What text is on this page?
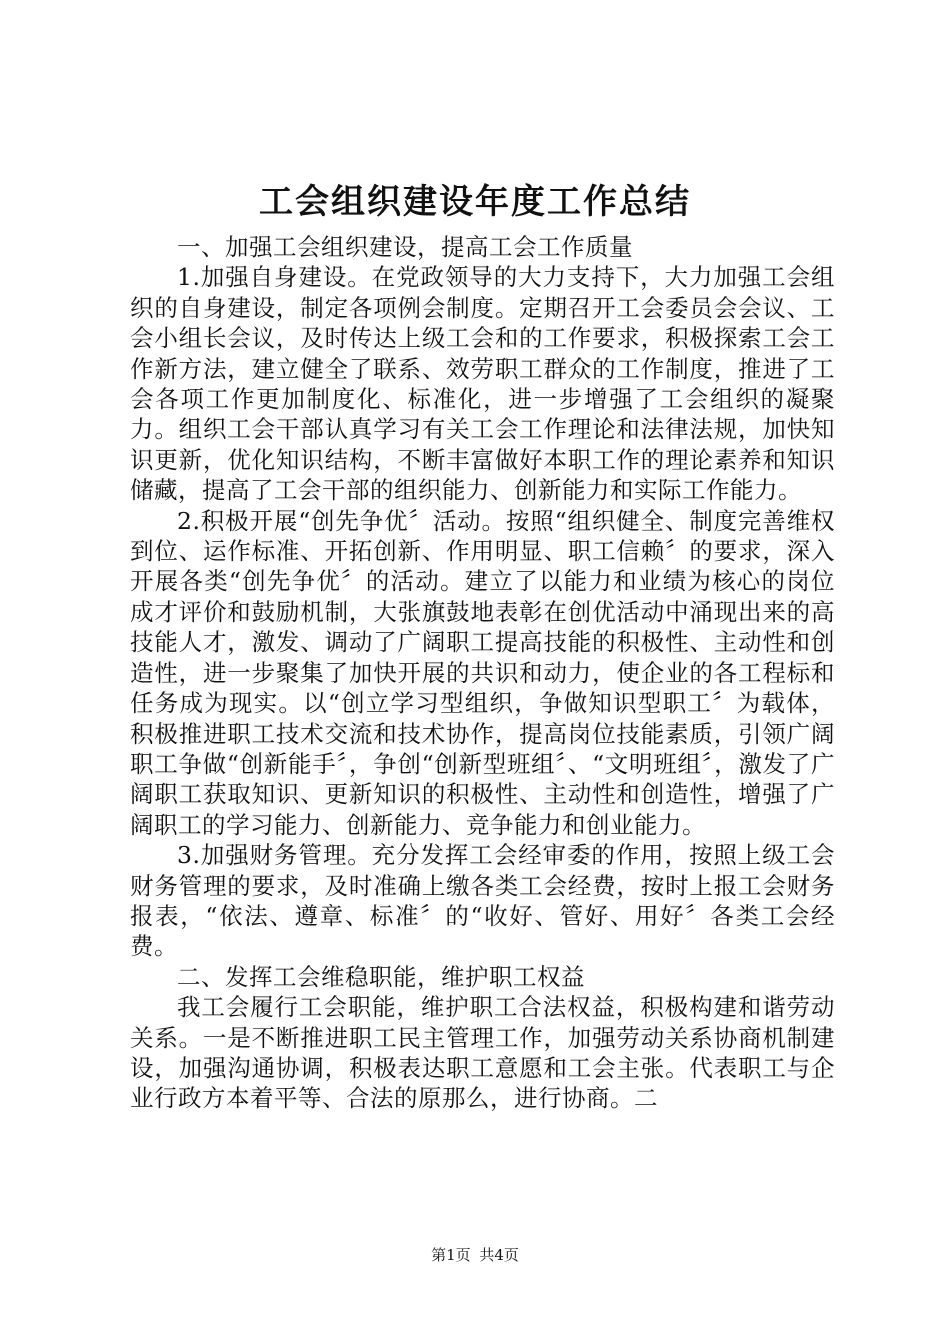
工会组织建设年度工作总结

一、加强工会组织建设，提高工会工作质量

1.加强自身建设。在党政领导的大力支持下，大力加强工会组织的自身建设，制定各项例会制度。定期召开工会委员会会议、工会小组长会议，及时传达上级工会和的工作要求，积极探索工会工作新方法，建立健全了联系、效劳职工群众的工作制度，推进了工会各项工作更加制度化、标准化，进一步增强了工会组织的凝聚力。组织工会干部认真学习有关工会工作理论和法律法规，加快知识更新，优化知识结构，不断丰富做好本职工作的理论素养和知识储藏，提高了工会干部的组织能力、创新能力和实际工作能力。

2.积极开展“创先争优〞活动。按照“组织健全、制度完善维权到位、运作标准、开拓创新、作用明显、职工信赖〞的要求，深入开展各类“创先争优〞的活动。建立了以能力和业绩为核心的岗位成才评价和鼓励机制，大张旗鼓地表彰在创优活动中涌现出来的高技能人才，激发、调动了广阔职工提高技能的积极性、主动性和创造性，进一步聚集了加快开展的共识和动力，使企业的各工程标和任务成为现实。以“创立学习型组织，争做知识型职工〞为载体，积极推进职工技术交流和技术协作，提高岗位技能素质，引领广阔职工争做“创新能手〞，争创“创新型班组〞、“文明班组〞，激发了广阔职工获取知识、更新知识的积极性、主动性和创造性，增强了广阔职工的学习能力、创新能力、竞争能力和创业能力。

3.加强财务管理。充分发挥工会经审委的作用，按照上级工会财务管理的要求，及时准确上缴各类工会经费，按时上报工会财务报表，“依法、遵章、标准〞的“收好、管好、用好〞各类工会经费。

二、发挥工会维稳职能，维护职工权益

我工会履行工会职能，维护职工合法权益，积极构建和谐劳动关系。一是不断推进职工民主管理工作，加强劳动关系协商机制建设，加强沟通协调，积极表达职工意愿和工会主张。代表职工与企业行政方本着平等、合法的原那么，进行协商。二

第1页 共4页
